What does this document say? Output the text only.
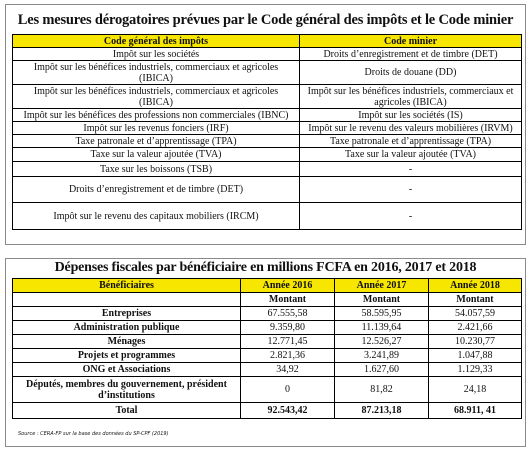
Les mesures dérogatoires prévues par le Code général des impôts et le Code minier
Code général des impôts	Code minier
Impôt sur les sociétés	Droits d’enregistrement et de timbre (DET)
Impôt sur les bénéfices industriels, commerciaux et agricoles (IBICA)	Droits de douane (DD)
Impôt sur les bénéfices industriels, commerciaux et agricoles (IBICA)	Impôt sur les bénéfices industriels, commerciaux et agricoles (IBICA)
Impôt sur les bénéfices des professions non commerciales (IBNC)	Impôt sur les sociétés (IS)
Impôt sur les revenus fonciers (IRF)	Impôt sur le revenu des valeurs mobilières (IRVM)
Taxe patronale et d’apprentissage (TPA)	Taxe patronale et d’apprentissage (TPA)
Taxe sur la valeur ajoutée (TVA)	Taxe sur la valeur ajoutée (TVA)
Taxe sur les boissons (TSB)	-
Droits d’enregistrement et de timbre (DET)	-
Impôt sur le revenu des capitaux mobiliers (IRCM)	-
Dépenses fiscales par bénéficiaire en millions FCFA en 2016, 2017 et 2018
Bénéficiaires	Année 2016	Année 2017	Année 2018
	Montant	Montant	Montant
Entreprises	67.555,58	58.595,95	54.057,59
Administration publique	9.359,80	11.139,64	2.421,66
Ménages	12.771,45	12.526,27	10.230,77
Projets et programmes	2.821,36	3.241,89	1.047,88
ONG et Associations	34,92	1.627,60	1.129,33
Députés, membres du gouvernement, président d’institutions	0	81,82	24,18
Total	92.543,42	87.213,18	68.911, 41
Source : CERA-FP sur la base des données du SP-CPF (2019)
